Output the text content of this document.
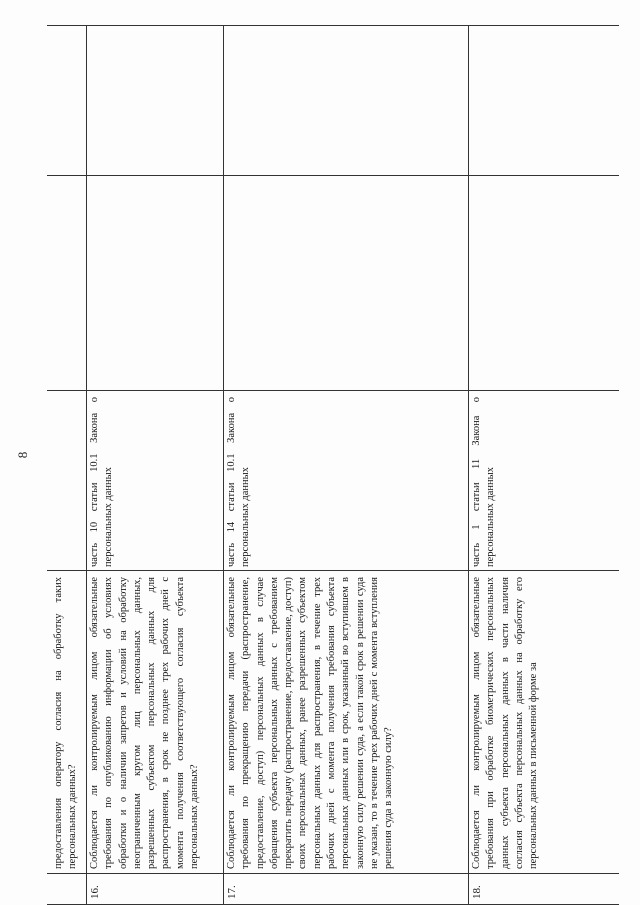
8
предоставления оператору согласия на обработку таких персональных данных?
16.
Соблюдается ли контролируемым лицом обязательные требования по опубликованию информации об условиях обработки и о наличии запретов и условий на обработку неограниченным кругом лиц персональных данных, разрешенных субъектом персональных данных для распространения, в срок не позднее трех рабочих дней с момента получения соответствующего согласия субъекта персональных данных?
часть 10 статьи 10.1 Закона о персональных данных
17.
Соблюдается ли контролируемым лицом обязательные требования по прекращению передачи (распространение, предоставление, доступ) персональных данных в случае обращения субъекта персональных данных с требованием прекратить передачу (распространение, предоставление, доступ) своих персональных данных, ранее разрешенных субъектом персональных данных для распространения, в течение трех рабочих дней с момента получения требования субъекта персональных данных или в срок, указанный во вступившем в законную силу решении суда, а если такой срок в решении суда не указан, то в течение трех рабочих дней с момента вступления решения суда в законную силу?
часть 14 статьи 10.1 Закона о персональных данных
18.
Соблюдается ли контролируемым лицом обязательные требования при обработке биометрических персональных данных субъекта персональных данных в части наличия согласия субъекта персональных данных на обработку его персональных данных в письменной форме за
часть 1 статьи 11 Закона о персональных данных
